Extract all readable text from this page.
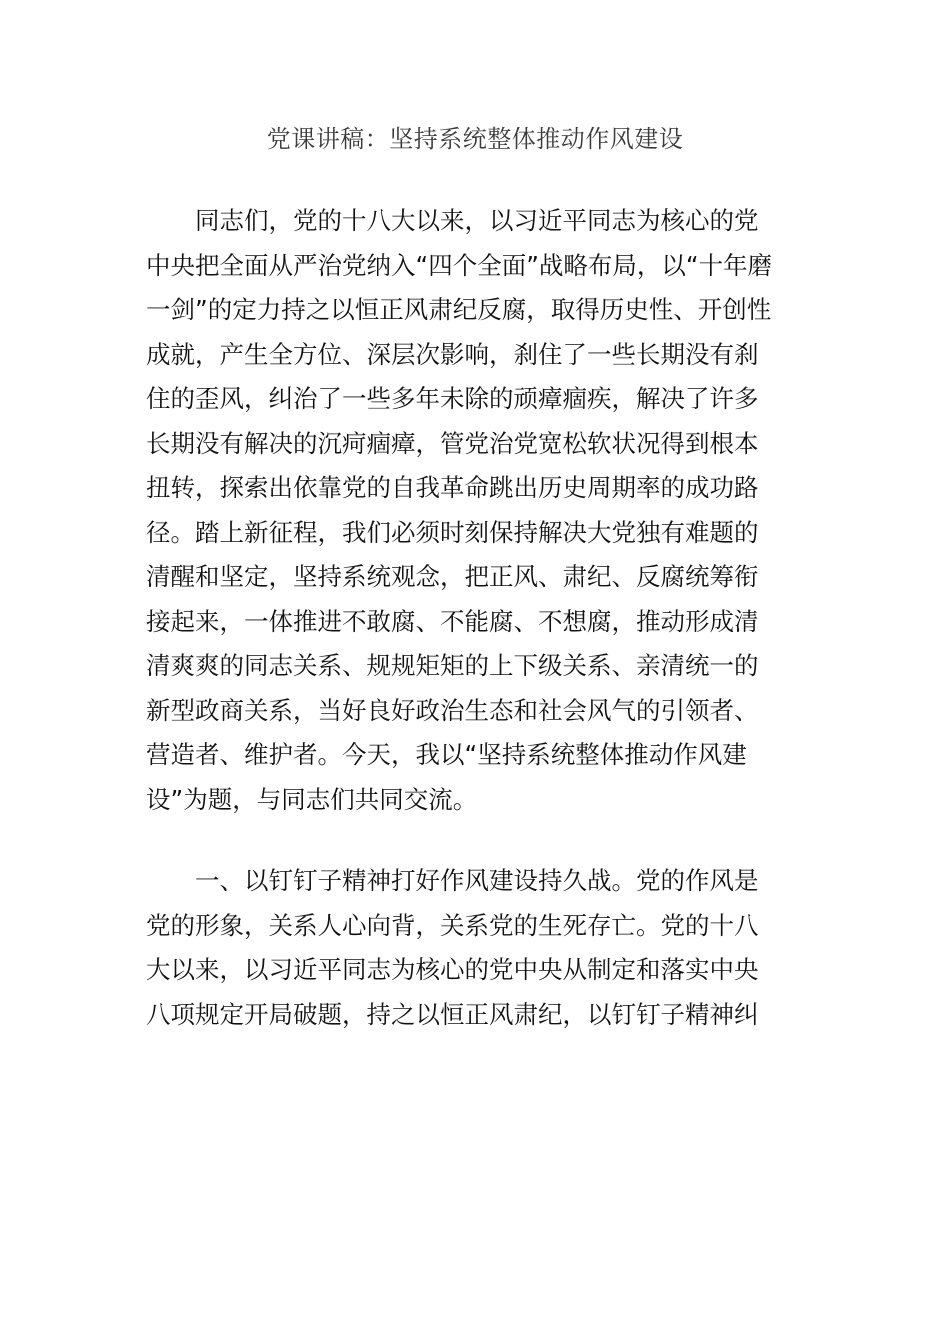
党课讲稿：坚持系统整体推动作风建设
同志们，党的十八大以来，以习近平同志为核心的党
中央把全面从严治党纳入“四个全面”战略布局，以“十年磨
一剑”的定力持之以恒正风肃纪反腐，取得历史性、开创性
成就，产生全方位、深层次影响，刹住了一些长期没有刹
住的歪风，纠治了一些多年未除的顽瘴痼疾，解决了许多
长期没有解决的沉疴痼瘴，管党治党宽松软状况得到根本
扭转，探索出依靠党的自我革命跳出历史周期率的成功路
径。踏上新征程，我们必须时刻保持解决大党独有难题的
清醒和坚定，坚持系统观念，把正风、肃纪、反腐统筹衔
接起来，一体推进不敢腐、不能腐、不想腐，推动形成清
清爽爽的同志关系、规规矩矩的上下级关系、亲清统一的
新型政商关系，当好良好政治生态和社会风气的引领者、
营造者、维护者。今天，我以“坚持系统整体推动作风建
设”为题，与同志们共同交流。
一、以钉钉子精神打好作风建设持久战。党的作风是
党的形象，关系人心向背，关系党的生死存亡。党的十八
大以来，以习近平同志为核心的党中央从制定和落实中央
八项规定开局破题，持之以恒正风肃纪，以钉钉子精神纠
